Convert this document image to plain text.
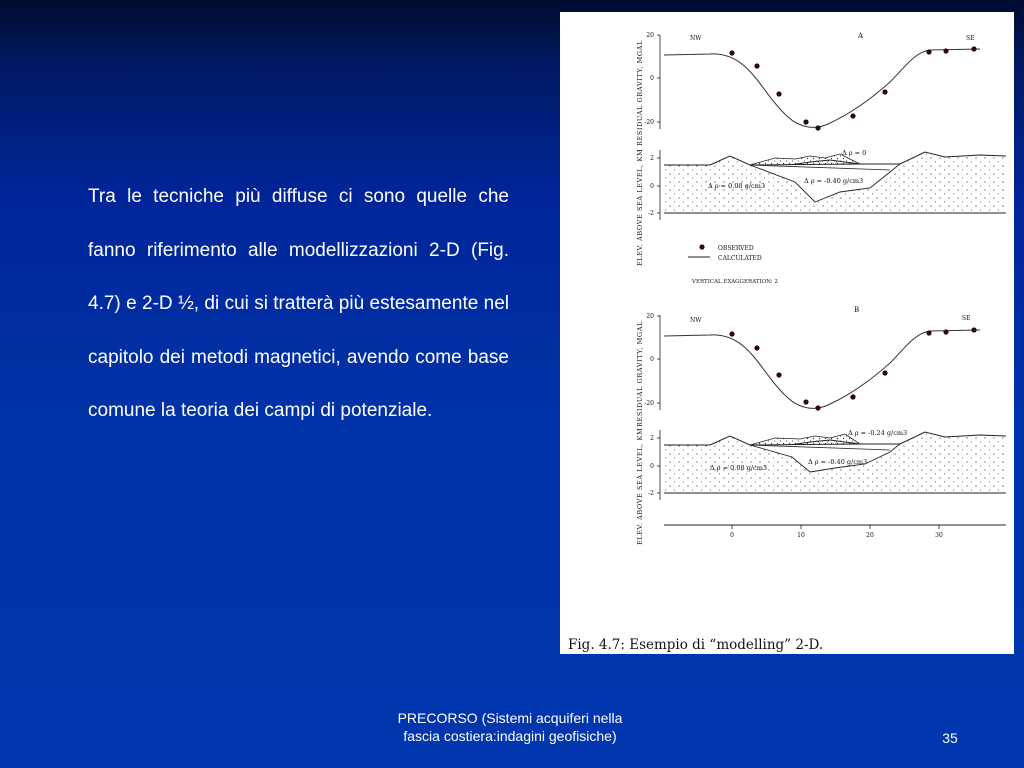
Tra le tecniche più diffuse ci sono quelle che fanno riferimento alle modellizzazioni 2-D (Fig. 4.7) e 2-D ½, di cui si tratterà più estesamente nel capitolo dei metodi magnetici, avendo come base comune la teoria dei campi di potenziale.

RESIDUAL GRAVITY, MGAL
ELEV. ABOVE SEA LEVEL, KM
20
0
-20
NW	A	SE
2
0
-2
Δ ρ = 0
Δ ρ = -0.40 g/cm3
Δ ρ = 0.08 g/cm3
OBSERVED
CALCULATED
VERTICAL EXAGGERATION: 2
RESIDUAL GRAVITY, MGAL
ELEV. ABOVE SEA LEVEL, KM
20
0
-20
NW
B
SE
2
0
-2
Δ ρ = -0.24 g/cm3
Δ ρ = -0.40 g/cm3
Δ ρ = 0.08 g/cm3
0	10	20	30
Fig. 4.7: Esempio di “modelling” 2-D.
PRECORSO (Sistemi acquiferi nella
fascia costiera:indagini geofisiche)	35
